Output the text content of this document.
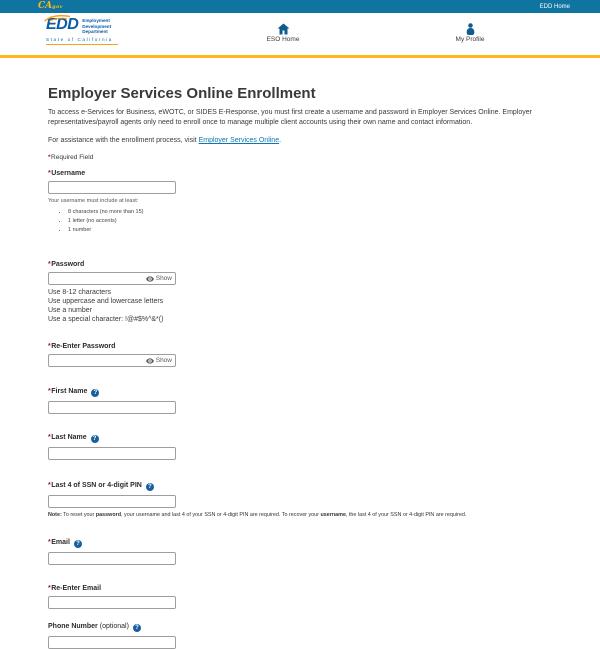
CAgov	EDD Home
EDD Employment
Development
Department
State of California	ESO Home	My Profile
Employer Services Online Enrollment

To access e-Services for Business, eWOTC, or SIDES E-Response, you must first create a username and password in Employer Services Online. Employer representatives/payroll agents only need to enroll once to manage multiple client accounts using their own name and contact information.

For assistance with the enrollment process, visit Employer Services Online.

*Required Field

*Username
Your username must include at least:
• 8 characters (no more than 15)
• 1 letter (no accents)
• 1 number
*Password
Show
Use 8-12 characters
Use uppercase and lowercase letters
Use a number
Use a special character: !@#$%^&*()
*Re-Enter Password
Show
*First Name?
*Last Name?
*Last 4 of SSN or 4-digit PIN?
Note: To reset your password, your username and last 4 of your SSN or 4-digit PIN are required. To recover your username, the last 4 of your SSN or 4-digit PIN are required.
*Email?
*Re-Enter Email
Phone Number (optional)?
